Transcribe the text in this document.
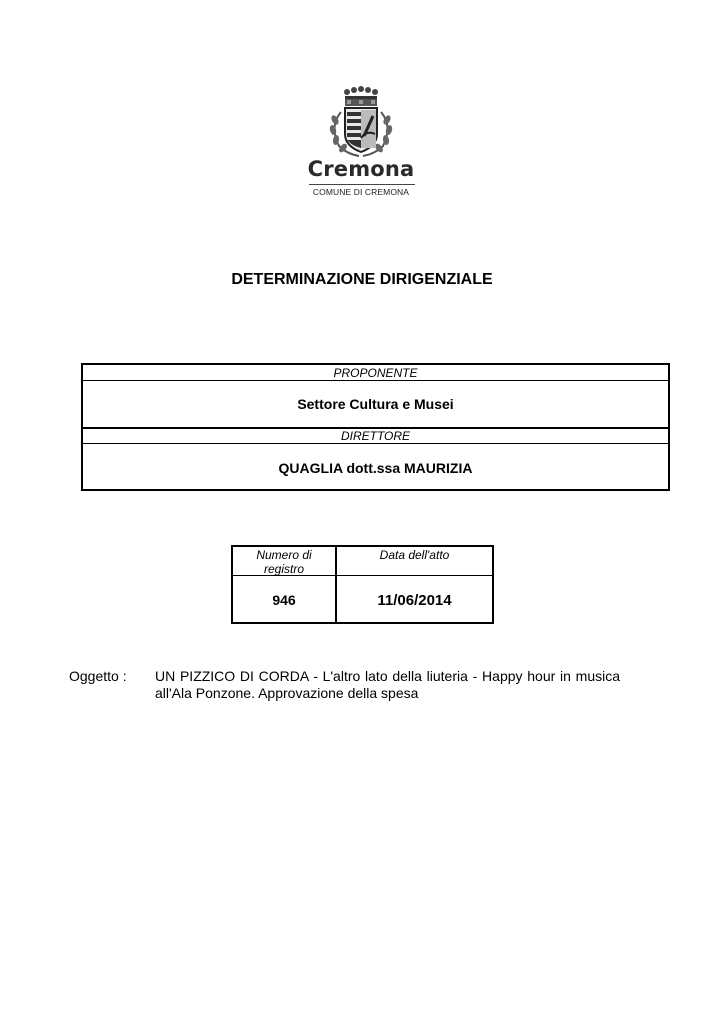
Cremona
COMUNE DI CREMONA
DETERMINAZIONE DIRIGENZIALE
PROPONENTE
Settore Cultura e Musei
DIRETTORE
QUAGLIA dott.ssa MAURIZIA
Numero di registro
Data dell'atto
946	11/06/2014
Oggetto : UN PIZZICO DI CORDA - L'altro lato della liuteria - Happy hour in musica all'Ala Ponzone. Approvazione della spesa
